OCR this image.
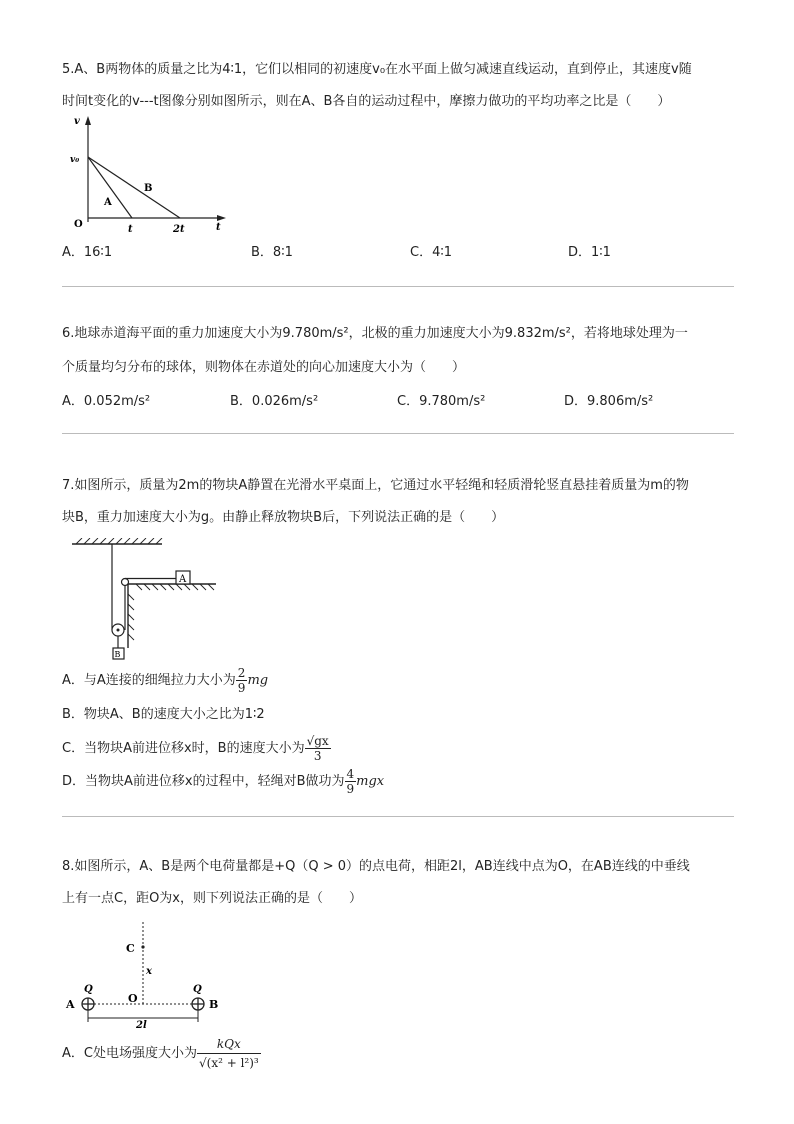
5.A、B两物体的质量之比为4∶1，它们以相同的初速度v₀在水平面上做匀减速直线运动，直到停止，其速度v随
时间t变化的v---t图像分别如图所示，则在A、B各自的运动过程中，摩擦力做功的平均功率之比是（　　）
v
v₀
O
A
B
t	2t	t
A．16∶1	B．8∶1	C．4∶1	D．1∶1
6.地球赤道海平面的重力加速度大小为9.780m/s²，北极的重力加速度大小为9.832m/s²，若将地球处理为一
个质量均匀分布的球体，则物体在赤道处的向心加速度大小为（　　）
A．0.052m/s²	B．0.026m/s²	C．9.780m/s²	D．9.806m/s²
7.如图所示，质量为2m的物块A静置在光滑水平桌面上，它通过水平轻绳和轻质滑轮竖直悬挂着质量为m的物
块B，重力加速度大小为g。由静止释放物块B后，下列说法正确的是（　　）
A
B
A．与A连接的细绳拉力大小为 $\frac{2}{9}$ mg
B．物块A、B的速度大小之比为1∶2
C．当物块A前进位移x时，B的速度大小为 $\frac{√gx}{3}$
D．当物块A前进位移x的过程中，轻绳对B做功为 $\frac{4}{9}$ mgx
8.如图所示，A、B是两个电荷量都是+Q（Q > 0）的点电荷，相距2l，AB连线中点为O，在AB连线的中垂线
上有一点C，距O为x，则下列说法正确的是（　　）
C
x
Q	Q
A	B
O
2l
A．C处电场强度大小为 $\frac{\text{kQx}}{\text{√(x² + l²)³}}$
